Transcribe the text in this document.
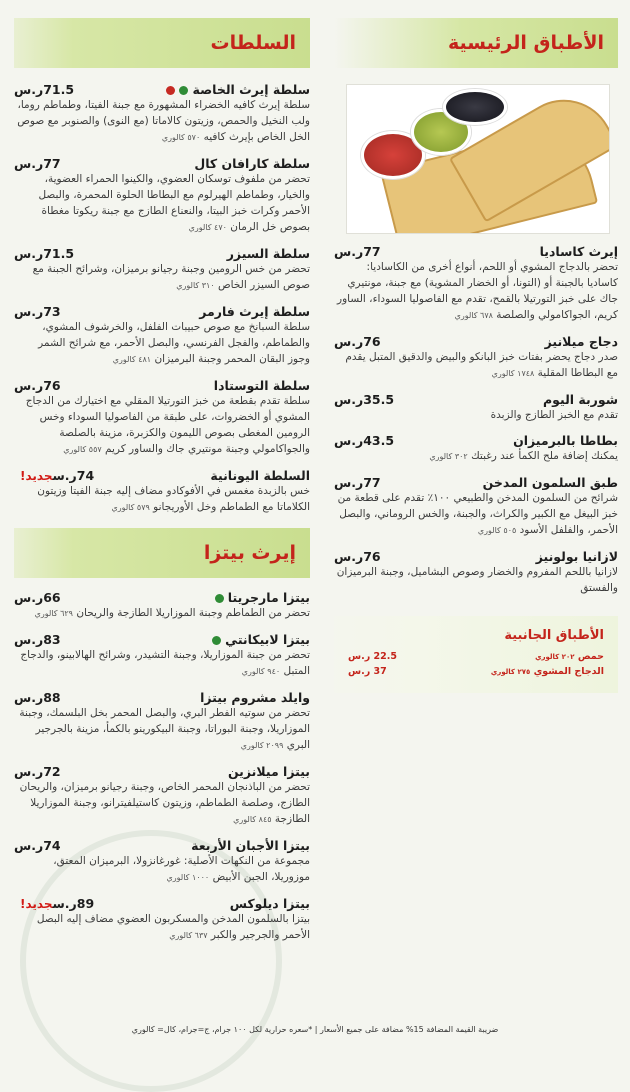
الأطباق الرئيسية
إيرث كاساديا
77ر.س
تحضر بالدجاج المشوي أو اللحم، أنواع أخرى من الكاساديا: كاساديا بالجبنة أو (التونا، أو الخضار المشوية) مع جبنة، مونتيري جاك على خبز التورتيلا بالقمح، تقدم مع الفاصوليا السوداء، الساور كريم، الجواكامولي والصلصة ٦٧٨ كالوري
دجاج ميلانيز
76ر.س
صدر دجاج يحضر بفتات خبز البانكو والبيض والدقيق المتبل يقدم مع البطاطا المقلية ١٧٤٨ كالوري
شوربة اليوم
35.5ر.س
تقدم مع الخبز الطازج والزبدة
بطاطا بالبرميزان
43.5ر.س
يمكنك إضافة ملح الكمأ عند رغبتك ٣٠٢ كالوري
طبق السلمون المدخن
77ر.س
شرائح من السلمون المدخن والطبيعي ١٠٠٪ تقدم على قطعة من خبز البيغل مع الكبير والكراث، والجبنة، والخس الروماني، والبصل الأحمر، والفلفل الأسود ٥٠٥ كالوري
لازانيا بولونيز
76ر.س
لازانيا باللحم المفروم والخضار وصوص البشاميل، وجبنة البرميزان والفستق
الأطباق الجانبية
حمص ٢٠٢ كالوري
22.5 ر.س
الدجاج المشوي ٢٧٥ كالوري
37 ر.س
السلطات
سلطة إيرث الخاصة
71.5ر.س
سلطة إيرث كافيه الخضراء المشهورة مع جبنة الفيتا، وطماطم روما، ولب النخيل والحمص، وزيتون كالاماتا (مع النوى) والصنوبر مع صوص الخل الخاص بإيرث كافيه ٥٧٠ كالوري
سلطة كارافان كال
77ر.س
تحضر من ملفوف توسكان العضوي، والكينوا الحمراء العضوية، والخيار، وطماطم الهيرلوم مع البطاطا الحلوة المحمرة، والبصل الأحمر وكرات خبز البيتا، والنعناع الطازج مع جبنة ريكوتا مغطاة بصوص خل الرمان ٤٧٠ كالوري
سلطة السيزر
71.5ر.س
تحضر من خس الرومين وجبنة رجيانو برميزان، وشرائح الجبنة مع صوص السيزر الخاص ٣١٠ كالوري
سلطة إيرث فارمر
73ر.س
سلطة السبانخ مع صوص حبيبات الفلفل، والخرشوف المشوي، والطماطم، والفجل الفرنسي، والبصل الأحمر، مع شرائح الشمر وجوز البقان المحمر وجبنة البرميزان ٤٨١ كالوري
سلطة التوستادا
76ر.س
سلطة تقدم بقطعة من خبز التورتيلا المقلي مع اختيارك من الدجاج المشوي أو الخضروات، على طبقة من الفاصوليا السوداء وخس الرومين المغطى بصوص الليمون والكزبرة، مزينة بالصلصة والجواكامولي وجبنة مونتيري جاك والساور كريم ٥٥٧ كالوري
السلطة اليونانية
74ر.سجديد!
خس بالزبدة مغمس في الأفوكادو مضاف إليه جبنة الفيتا وزيتون الكلاماتا مع الطماطم وخل الأوريجانو ٥٧٩ كالوري
إيرث بيتزا
بيتزا مارجريتا
66ر.س
تحضر من الطماطم وجبنة الموزاريلا الطازجة والريحان ٦٢٩ كالوري
بيتزا لابيكانتي
83ر.س
تحضر من جبنة الموزاريلا، وجبنة التشيدر، وشرائح الهالابينو، والدجاج المتبل ٩٤٠ كالوري
وايلد مشروم بيتزا
88ر.س
تحضر من سوتيه الفطر البري، والبصل المحمر بخل البلسمك، وجبنة الموزاريلا، وجبنة البوراتا، وجبنة البيكورينو بالكمأ، مزينة بالجرجير البري ٢٠٩٩ كالوري
بيتزا ميلانزين
72ر.س
تحضر من الباذنجان المحمر الخاص، وجبنة رجيانو برميزان، والريحان الطازج، وصلصة الطماطم، وزيتون كاستيلفيترانو، وجبنة الموزاريلا الطازجة ٨٤٥ كالوري
بيتزا الأجبان الأربعة
74ر.س
مجموعة من النكهات الأصلية: غورغانزولا، البرميزان المعتق، موزوريلا، الجبن الأبيض ١٠٠٠ كالوري
بيتزا ديلوكس
89ر.سجديد!
بيتزا بالسلمون المدخن والمسكربون العضوي مضاف إليه البصل الأحمر والجرجير والكبر ٦٣٧ كالوري
ضريبة القيمة المضافة 15% مضافة على جميع الأسعار | *سعره حرارية لكل ١٠٠ جرام، ج=جرام، كال= كالوري
